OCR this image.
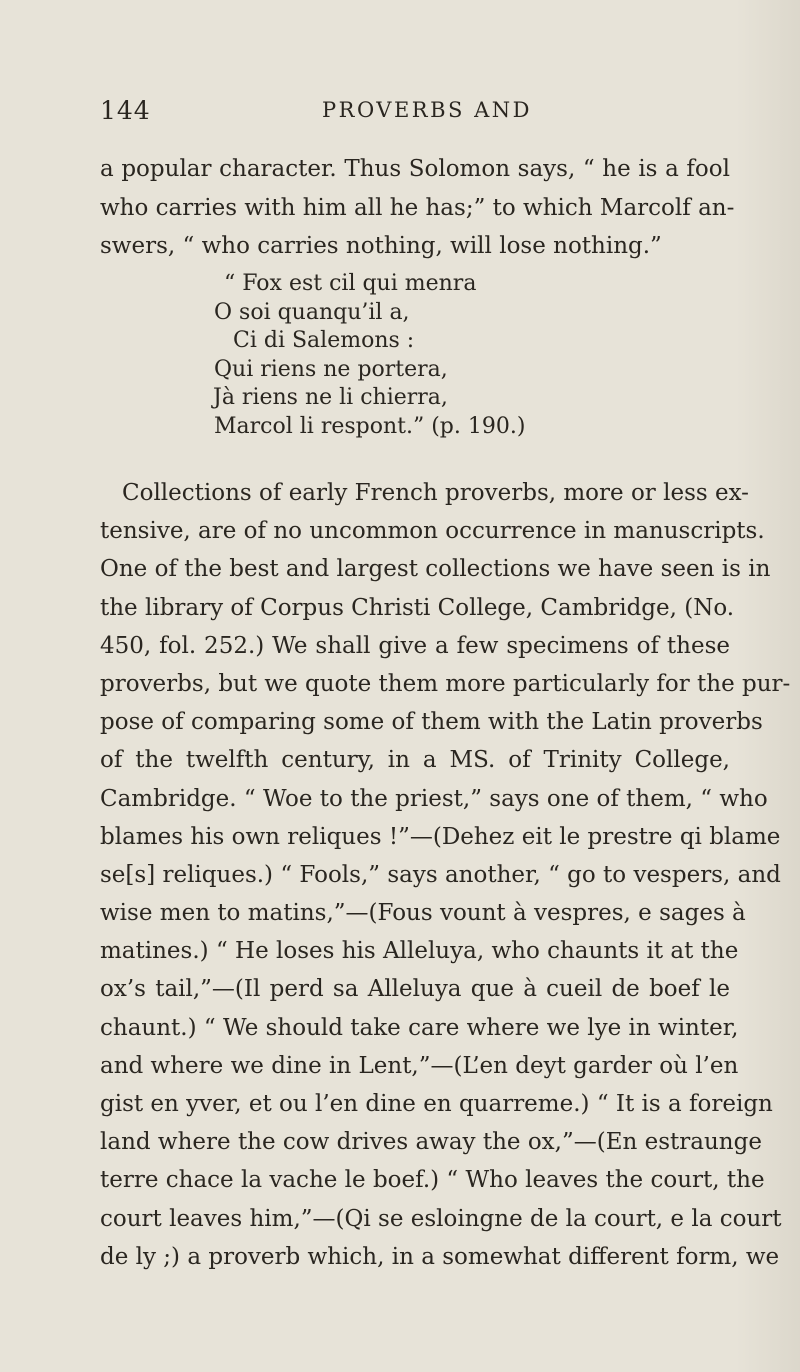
144	PROVERBS AND
a popular character. Thus Solomon says, “ he is a fool
who carries with him all he has;” to which Marcolf an-
swers, “ who carries nothing, will lose nothing.”
“ Fox est cil qui menra
O soi quanqu’il a,
Ci di Salemons :
Qui riens ne portera,
Jà riens ne li chierra,
Marcol li respont.” (p. 190.)
Collections of early French proverbs, more or less ex-
tensive, are of no uncommon occurrence in manuscripts.
One of the best and largest collections we have seen is in
the library of Corpus Christi College, Cambridge, (No.
450, fol. 252.) We shall give a few specimens of these
proverbs, but we quote them more particularly for the pur-
pose of comparing some of them with the Latin proverbs
of the twelfth century, in a MS. of Trinity College,
Cambridge. “ Woe to the priest,” says one of them, “ who
blames his own reliques !”—(Dehez eit le prestre qi blame
se[s] reliques.) “ Fools,” says another, “ go to vespers, and
wise men to matins,”—(Fous vount à vespres, e sages à
matines.) “ He loses his Alleluya, who chaunts it at the
ox’s tail,”—(Il perd sa Alleluya que à cueil de boef le
chaunt.) “ We should take care where we lye in winter,
and where we dine in Lent,”—(L’en deyt garder où l’en
gist en yver, et ou l’en dine en quarreme.) “ It is a foreign
land where the cow drives away the ox,”—(En estraunge
terre chace la vache le boef.) “ Who leaves the court, the
court leaves him,”—(Qi se esloingne de la court, e la court
de ly ;) a proverb which, in a somewhat different form, we
